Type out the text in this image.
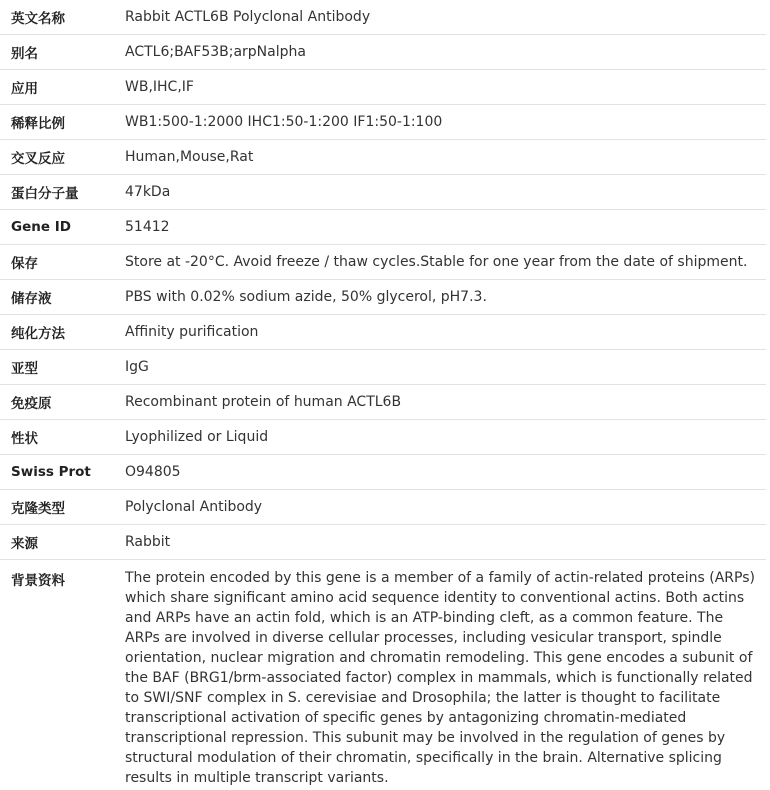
英文名称	Rabbit ACTL6B Polyclonal Antibody
别名	ACTL6;BAF53B;arpNalpha
应用	WB,IHC,IF
稀释比例	WB1:500-1:2000 IHC1:50-1:200 IF1:50-1:100
交叉反应	Human,Mouse,Rat
蛋白分子量	47kDa
Gene ID	51412
保存	Store at -20°C. Avoid freeze / thaw cycles.Stable for one year from the date of shipment.
储存液	PBS with 0.02% sodium azide, 50% glycerol, pH7.3.
纯化方法	Affinity purification
亚型	IgG
免疫原	Recombinant protein of human ACTL6B
性状	Lyophilized or Liquid
Swiss Prot	O94805
克隆类型	Polyclonal Antibody
来源	Rabbit
背景资料	The protein encoded by this gene is a member of a family of actin-related proteins (ARPs) which share significant amino acid sequence identity to conventional actins. Both actins and ARPs have an actin fold, which is an ATP-binding cleft, as a common feature. The ARPs are involved in diverse cellular processes, including vesicular transport, spindle orientation, nuclear migration and chromatin remodeling. This gene encodes a subunit of the BAF (BRG1/brm-associated factor) complex in mammals, which is functionally related to SWI/SNF complex in S. cerevisiae and Drosophila; the latter is thought to facilitate transcriptional activation of specific genes by antagonizing chromatin-mediated transcriptional repression. This subunit may be involved in the regulation of genes by structural modulation of their chromatin, specifically in the brain. Alternative splicing results in multiple transcript variants.
